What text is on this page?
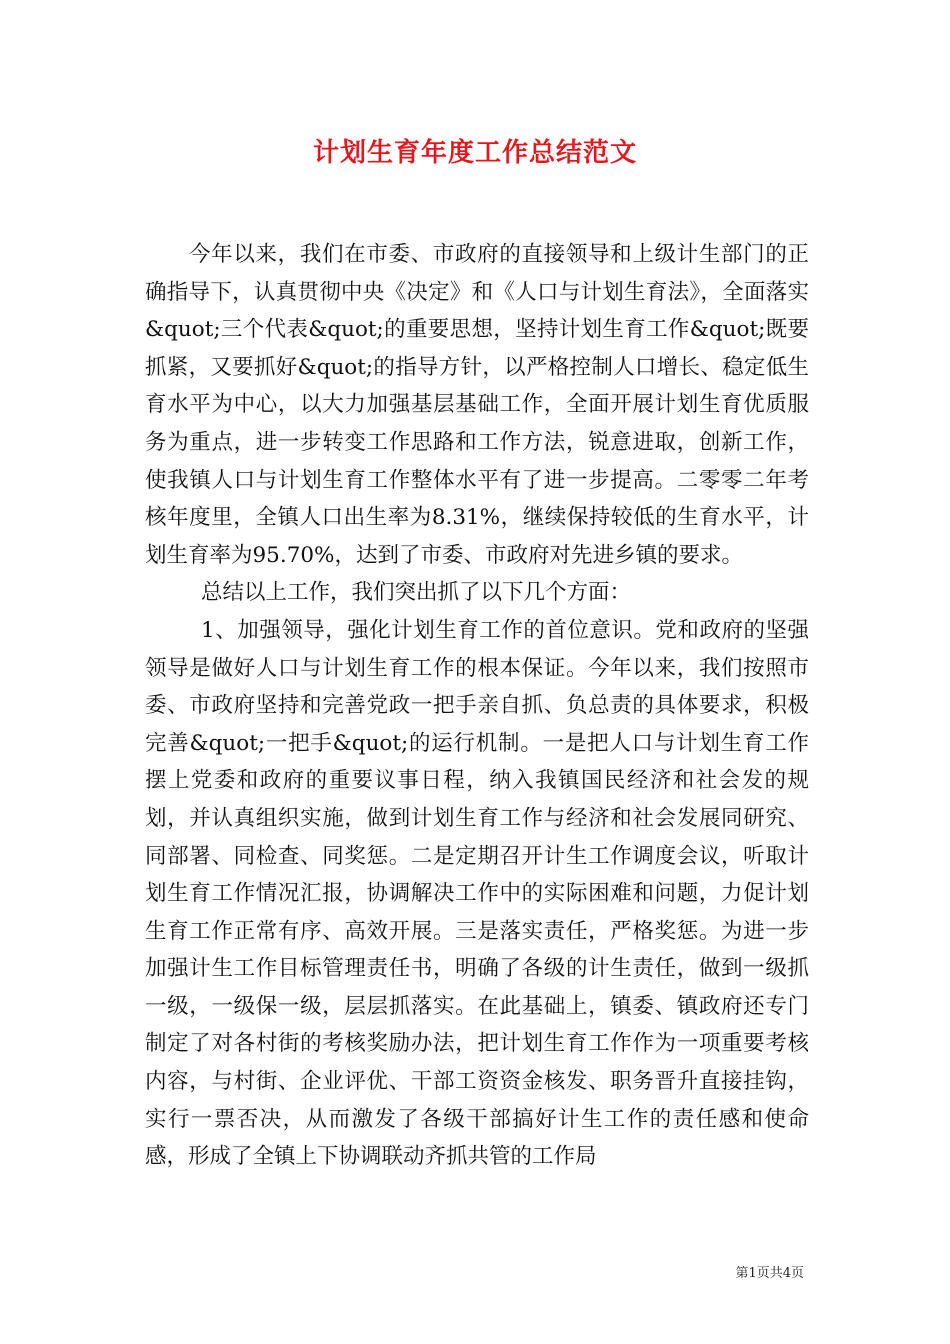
计划生育年度工作总结范文

今年以来，我们在市委、市政府的直接领导和上级计生部门的正确指导下，认真贯彻中央《决定》和《人口与计划生育法》，全面落实&quot;三个代表&quot;的重要思想，坚持计划生育工作&quot;既要抓紧，又要抓好&quot;的指导方针，以严格控制人口增长、稳定低生育水平为中心，以大力加强基层基础工作，全面开展计划生育优质服务为重点，进一步转变工作思路和工作方法，锐意进取，创新工作，使我镇人口与计划生育工作整体水平有了进一步提高。二零零二年考核年度里，全镇人口出生率为8.31%，继续保持较低的生育水平，计划生育率为95.70%，达到了市委、市政府对先进乡镇的要求。

总结以上工作，我们突出抓了以下几个方面：

1、加强领导，强化计划生育工作的首位意识。党和政府的坚强领导是做好人口与计划生育工作的根本保证。今年以来，我们按照市委、市政府坚持和完善党政一把手亲自抓、负总责的具体要求，积极完善&quot;一把手&quot;的运行机制。一是把人口与计划生育工作摆上党委和政府的重要议事日程，纳入我镇国民经济和社会发的规划，并认真组织实施，做到计划生育工作与经济和社会发展同研究、同部署、同检查、同奖惩。二是定期召开计生工作调度会议，听取计划生育工作情况汇报，协调解决工作中的实际困难和问题，力促计划生育工作正常有序、高效开展。三是落实责任，严格奖惩。为进一步加强计生工作目标管理责任书，明确了各级的计生责任，做到一级抓一级，一级保一级，层层抓落实。在此基础上，镇委、镇政府还专门制定了对各村街的考核奖励办法，把计划生育工作作为一项重要考核内容，与村街、企业评优、干部工资资金核发、职务晋升直接挂钩，实行一票否决，从而激发了各级干部搞好计生工作的责任感和使命感，形成了全镇上下协调联动齐抓共管的工作局

第1页共4页
